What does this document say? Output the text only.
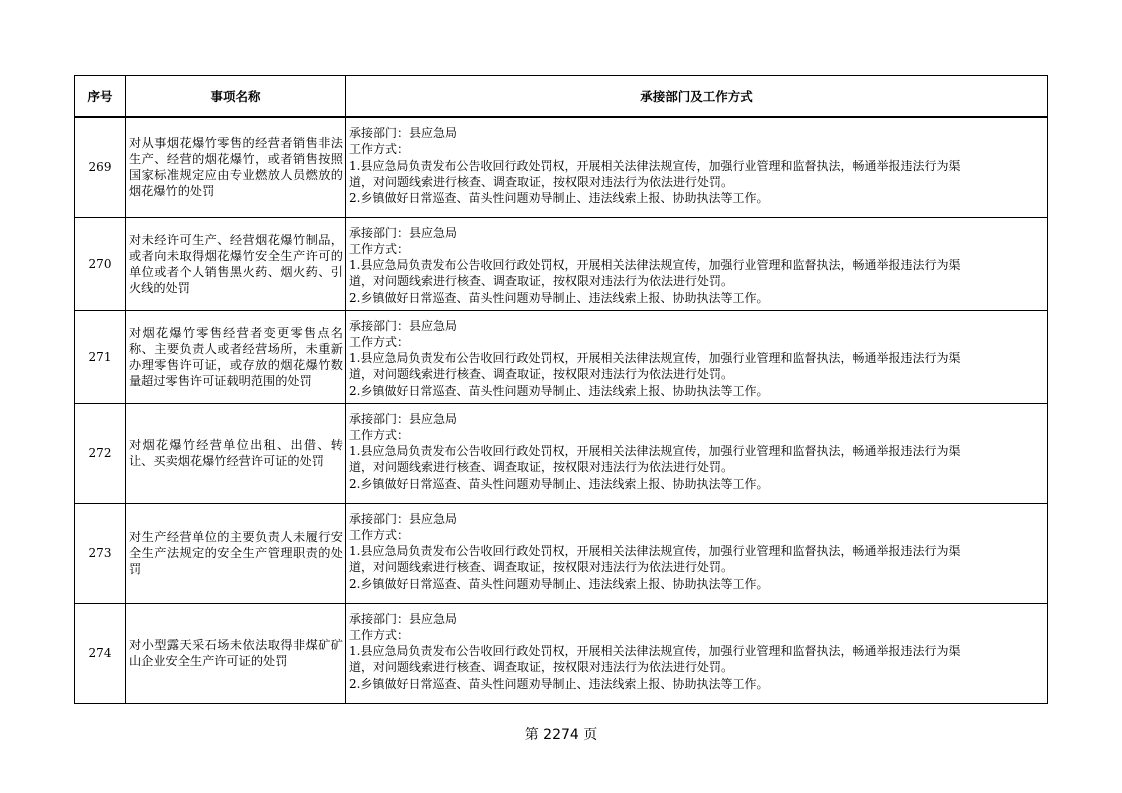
序号	事项名称	承接部门及工作方式
269	对从事烟花爆竹零售的经营者销售非法生产、经营的烟花爆竹，或者销售按照国家标准规定应由专业燃放人员燃放的烟花爆竹的处罚	承接部门：县应急局
工作方式：
1.县应急局负责发布公告收回行政处罚权，开展相关法律法规宣传，加强行业管理和监督执法，畅通举报违法行为渠
道，对问题线索进行核查、调查取证，按权限对违法行为依法进行处罚。
2.乡镇做好日常巡查、苗头性问题劝导制止、违法线索上报、协助执法等工作。

270	对未经许可生产、经营烟花爆竹制品，或者向未取得烟花爆竹安全生产许可的单位或者个人销售黑火药、烟火药、引火线的处罚	承接部门：县应急局
工作方式：
1.县应急局负责发布公告收回行政处罚权，开展相关法律法规宣传，加强行业管理和监督执法，畅通举报违法行为渠
道，对问题线索进行核查、调查取证，按权限对违法行为依法进行处罚。
2.乡镇做好日常巡查、苗头性问题劝导制止、违法线索上报、协助执法等工作。

271	对烟花爆竹零售经营者变更零售点名称、主要负责人或者经营场所，未重新办理零售许可证，或存放的烟花爆竹数量超过零售许可证载明范围的处罚	承接部门：县应急局
工作方式：
1.县应急局负责发布公告收回行政处罚权，开展相关法律法规宣传，加强行业管理和监督执法，畅通举报违法行为渠
道，对问题线索进行核查、调查取证，按权限对违法行为依法进行处罚。
2.乡镇做好日常巡查、苗头性问题劝导制止、违法线索上报、协助执法等工作。

272	对烟花爆竹经营单位出租、出借、转让、买卖烟花爆竹经营许可证的处罚	承接部门：县应急局
工作方式：
1.县应急局负责发布公告收回行政处罚权，开展相关法律法规宣传，加强行业管理和监督执法，畅通举报违法行为渠
道，对问题线索进行核查、调查取证，按权限对违法行为依法进行处罚。
2.乡镇做好日常巡查、苗头性问题劝导制止、违法线索上报、协助执法等工作。

273	对生产经营单位的主要负责人未履行安全生产法规定的安全生产管理职责的处罚	承接部门：县应急局
工作方式：
1.县应急局负责发布公告收回行政处罚权，开展相关法律法规宣传，加强行业管理和监督执法，畅通举报违法行为渠
道，对问题线索进行核查、调查取证，按权限对违法行为依法进行处罚。
2.乡镇做好日常巡查、苗头性问题劝导制止、违法线索上报、协助执法等工作。

274	对小型露天采石场未依法取得非煤矿矿山企业安全生产许可证的处罚	承接部门：县应急局
工作方式：
1.县应急局负责发布公告收回行政处罚权，开展相关法律法规宣传，加强行业管理和监督执法，畅通举报违法行为渠
道，对问题线索进行核查、调查取证，按权限对违法行为依法进行处罚。
2.乡镇做好日常巡查、苗头性问题劝导制止、违法线索上报、协助执法等工作。
第 2274 页
